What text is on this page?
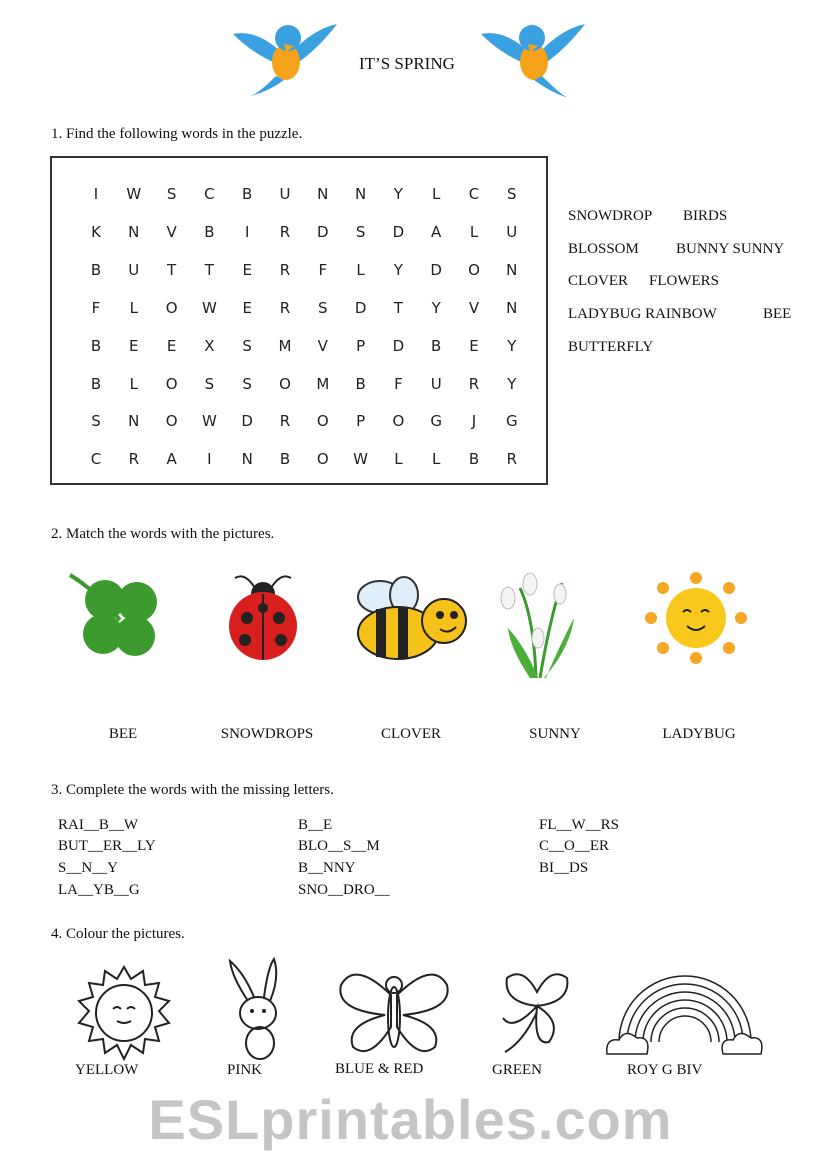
IT’S SPRING
1. Find the following words in the puzzle.
I	W	S	C	B	U	N N	Y	L	C	S
K	N	V	B	I	R	D	S	D	A	L	U
B	U	T	T	E	R	F	L	Y	D O N
F	L	O W	E	R	S	D	T	Y	V	N
B	E	E	X	S	M	V	P	D	B	E	Y
B	L	O	S	S	O M	B	F	U	R	Y
S	N O W D	R	O	P	O G	J	G
C	R	A	I	N	B	O W	L	L	B	R
SNOWDROP BIRDS
BLOSSOM BUNNY SUNNY
CLOVER FLOWERS
LADYBUG RAINBOW	BEE
BUTTERFLY
2. Match the words with the pictures.
BEE	SNOWDROPS	CLOVER	SUNNY	LADYBUG
3. Complete the words with the missing letters.
RAI__B__W
BUT__ER__LY
S__N__Y
LA__YB__G
B__E
BLO__S__M
B__NNY
SNO__DRO__
FL__W__RS
C__O__ER
BI__DS
4. Colour the pictures.
YELLOW	PINK	BLUE & RED	GREEN	ROY G BIV
ESLprintables.com
